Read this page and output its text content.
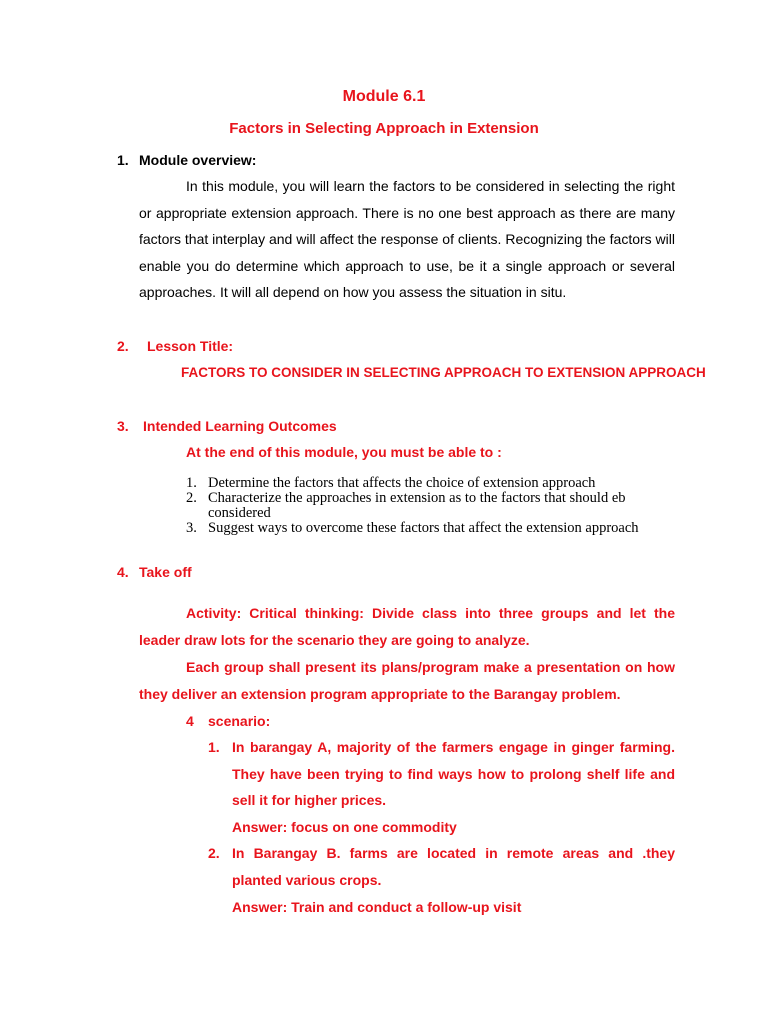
Module 6.1
Factors in Selecting Approach in Extension
1. Module overview:
In this module, you will learn the factors to be considered in selecting the right or appropriate extension approach. There is no one best approach as there are many factors that interplay and will affect the response of clients. Recognizing the factors will enable you do determine which approach to use, be it a single approach or several approaches. It will all depend on how you assess the situation in situ.
2. Lesson Title:
FACTORS TO CONSIDER IN SELECTING APPROACH TO EXTENSION APPROACH
3. Intended Learning Outcomes
At the end of this module, you must be able to :
1. Determine the factors that affects the choice of extension approach
2. Characterize the approaches in extension as to the factors that should eb considered
3. Suggest ways to overcome these factors that affect the extension approach
4. Take off
Activity: Critical thinking: Divide class into three groups and let the leader draw lots for the scenario they are going to analyze.
Each group shall present its plans/program make a presentation on how they deliver an extension program appropriate to the Barangay problem.
4 scenario:
1. In barangay A, majority of the farmers engage in ginger farming. They have been trying to find ways how to prolong shelf life and sell it for higher prices.
Answer: focus on one commodity
2. In Barangay B. farms are located in remote areas and .they planted various crops.
Answer: Train and conduct a follow-up visit
